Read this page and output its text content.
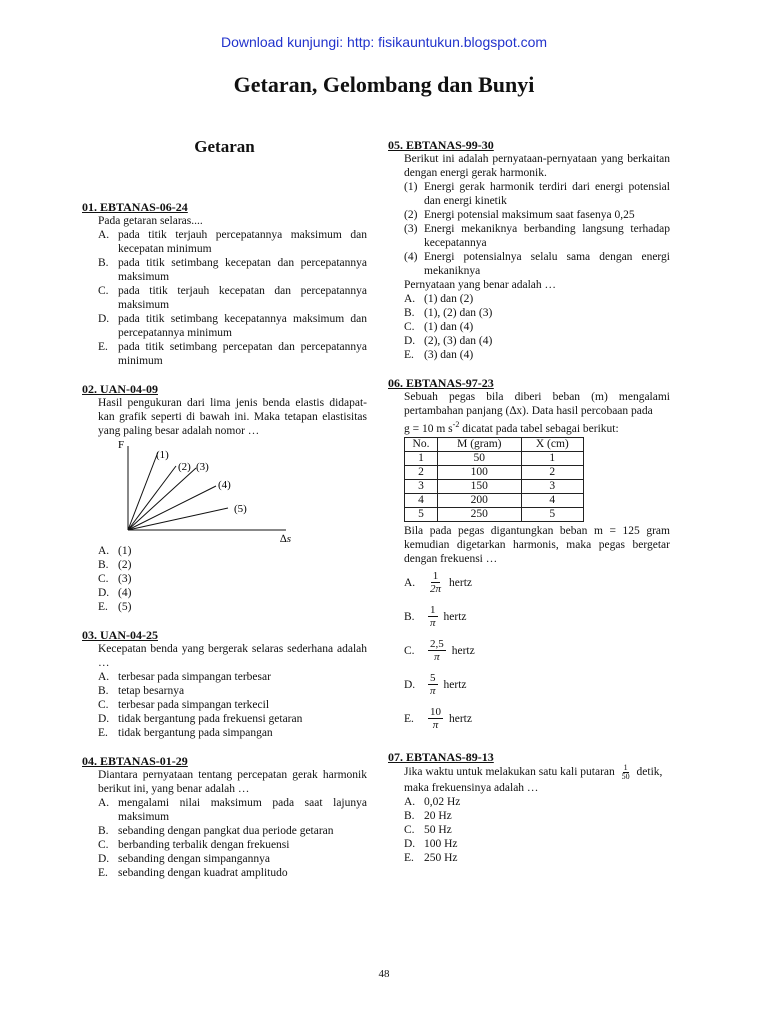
Download kunjungi: http: fisikauntukun.blogspot.com
Getaran, Gelombang dan Bunyi
Getaran
01. EBTANAS-06-24
Pada getaran selaras....
A. pada titik terjauh percepatannya maksimum dan kecepatan minimum
B. pada titik setimbang kecepatan dan percepatannya maksimum
C. pada titik terjauh kecepatan dan percepatannya maksimum
D. pada titik setimbang kecepatannya maksimum dan percepatannya minimum
E. pada titik setimbang percepatan dan percepatannya minimum
02. UAN-04-09
Hasil pengukuran dari lima jenis benda elastis didapat-kan grafik seperti di bawah ini. Maka tetapan elastisitas yang paling besar adalah nomor …
F
∆s
(1)
(2) (3)
(4)
(5)
A. (1)
B. (2)
C. (3)
D. (4)
E. (5)
03. UAN-04-25
Kecepatan benda yang bergerak selaras sederhana adalah …
A. terbesar pada simpangan terbesar
B. tetap besarnya
C. terbesar pada simpangan terkecil
D. tidak bergantung pada frekuensi getaran
E. tidak bergantung pada simpangan
04. EBTANAS-01-29
Diantara pernyataan tentang percepatan gerak harmonik berikut ini, yang benar adalah …
A. mengalami nilai maksimum pada saat lajunya maksimum
B. sebanding dengan pangkat dua periode getaran
C. berbanding terbalik dengan frekuensi
D. sebanding dengan simpangannya
E. sebanding dengan kuadrat amplitudo
05. EBTANAS-99-30
Berikut ini adalah pernyataan-pernyataan yang berkaitan dengan energi gerak harmonik.
(1) Energi gerak harmonik terdiri dari energi potensial dan energi kinetik
(2) Energi potensial maksimum saat fasenya 0,25
(3) Energi mekaniknya berbanding langsung terhadap kecepatannya
(4) Energi potensialnya selalu sama dengan energi mekaniknya
Pernyataan yang benar adalah …
A. (1) dan (2)
B. (1), (2) dan (3)
C. (1) dan (4)
D. (2), (3) dan (4)
E. (3) dan (4)
06. EBTANAS-97-23
Sebuah pegas bila diberi beban (m) mengalami pertambahan panjang (∆x). Data hasil percobaan pada
g = 10 m $s^{-2}$ dicatat pada tabel sebagai berikut:
No.	M (gram)	X (cm)
1	50	1
2	100	2
3	150	3
4	200	4
5	250	5
Bila pada pegas digantungkan beban m = 125 gram kemudian digetarkan harmonis, maka pegas bergetar dengan frekuensi …
A.	$\frac{1}{2\pi}$ hertz
B.	$\frac{1}{\pi}$ hertz
C.	$\frac{2,5}{\pi}$ hertz
D.	$\frac{5}{\pi}$ hertz
E.	$\frac{10}{\pi}$ hertz
07. EBTANAS-89-13
Jika waktu untuk melakukan satu kali putaran $\frac{1}{50}$ detik,
maka frekuensinya adalah …
A. 0,02 Hz
B. 20 Hz
C. 50 Hz
D. 100 Hz
E. 250 Hz
48
